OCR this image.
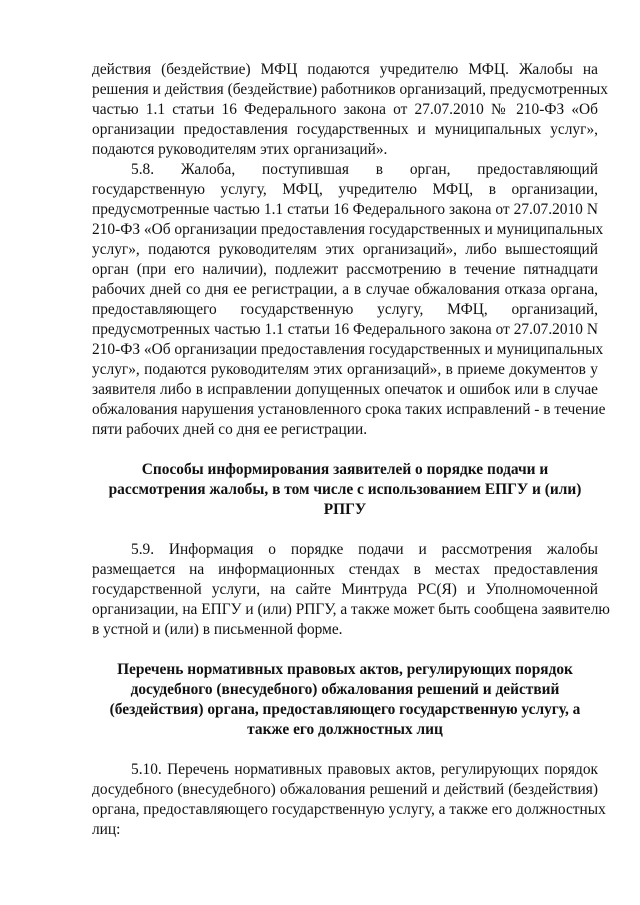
действия (бездействие) МФЦ подаются учредителю МФЦ. Жалобы на
решения и действия (бездействие) работников организаций, предусмотренных
частью 1.1 статьи 16 Федерального закона от 27.07.2010 № 210-ФЗ «Об
организации предоставления государственных и муниципальных услуг»,
подаются руководителям этих организаций».
5.8. Жалоба, поступившая в орган, предоставляющий
государственную услугу, МФЦ, учредителю МФЦ, в организации,
предусмотренные частью 1.1 статьи 16 Федерального закона от 27.07.2010 N
210-ФЗ «Об организации предоставления государственных и муниципальных
услуг», подаются руководителям этих организаций», либо вышестоящий
орган (при его наличии), подлежит рассмотрению в течение пятнадцати
рабочих дней со дня ее регистрации, а в случае обжалования отказа органа,
предоставляющего государственную услугу, МФЦ, организаций,
предусмотренных частью 1.1 статьи 16 Федерального закона от 27.07.2010 N
210-ФЗ «Об организации предоставления государственных и муниципальных
услуг», подаются руководителям этих организаций», в приеме документов у
заявителя либо в исправлении допущенных опечаток и ошибок или в случае
обжалования нарушения установленного срока таких исправлений - в течение
пяти рабочих дней со дня ее регистрации.
Способы информирования заявителей о порядке подачи и
рассмотрения жалобы, в том числе с использованием ЕПГУ и (или)
РПГУ
5.9. Информация о порядке подачи и рассмотрения жалобы
размещается на информационных стендах в местах предоставления
государственной услуги, на сайте Минтруда РС(Я) и Уполномоченной
организации, на ЕПГУ и (или) РПГУ, а также может быть сообщена заявителю
в устной и (или) в письменной форме.
Перечень нормативных правовых актов, регулирующих порядок
досудебного (внесудебного) обжалования решений и действий
(бездействия) органа, предоставляющего государственную услугу, а
также его должностных лиц
5.10. Перечень нормативных правовых актов, регулирующих порядок
досудебного (внесудебного) обжалования решений и действий (бездействия)
органа, предоставляющего государственную услугу, а также его должностных
лиц:
